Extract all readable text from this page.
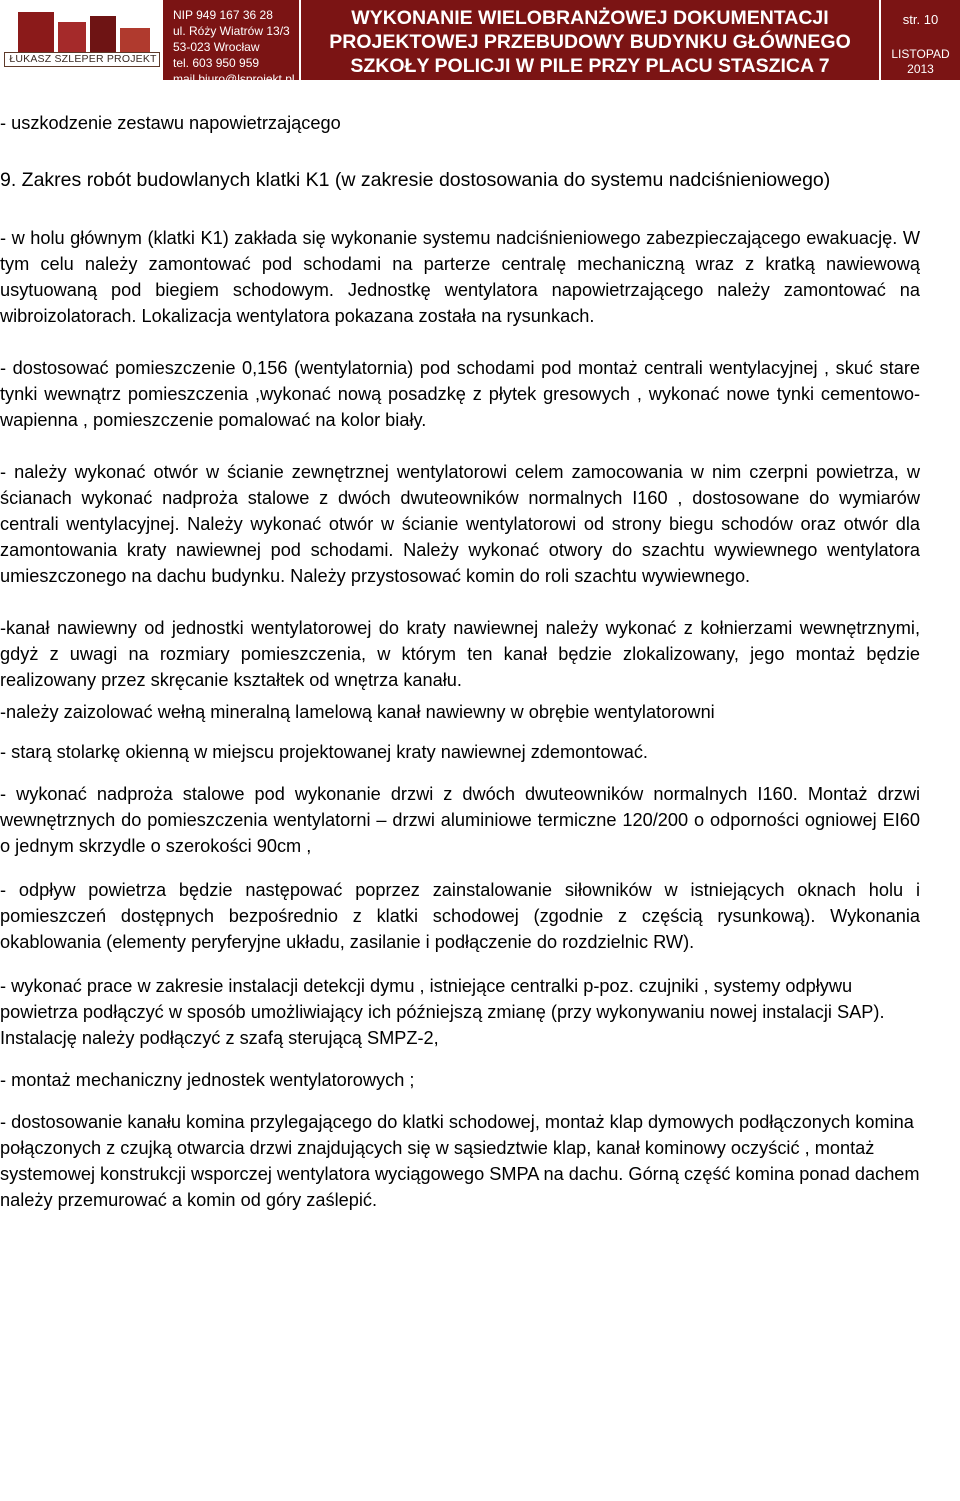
ŁUKASZ SZLEPER PROJEKT
NIP 949 167 36 28
ul. Róży Wiatrów 13/3
53-023 Wrocław
tel. 603 950 959
mail biuro@lsprojekt.pl
WYKONANIE WIELOBRANŻOWEJ DOKUMENTACJI
PROJEKTOWEJ PRZEBUDOWY BUDYNKU GŁÓWNEGO
SZKOŁY POLICJI W PILE PRZY PLACU STASZICA 7
str. 10
LISTOPAD
2013

- uszkodzenie zestawu napowietrzającego

9. Zakres robót budowlanych klatki K1 (w zakresie dostosowania do systemu nadciśnieniowego)

- w holu głównym (klatki K1) zakłada się wykonanie systemu nadciśnieniowego zabezpieczającego ewakuację. W tym celu należy zamontować pod schodami na parterze centralę mechaniczną wraz z kratką nawiewową usytuowaną pod biegiem schodowym. Jednostkę wentylatora napowietrzającego należy zamontować na wibroizolatorach. Lokalizacja wentylatora pokazana została na rysunkach.

- dostosować pomieszczenie 0,156 (wentylatornia) pod schodami pod montaż centrali wentylacyjnej , skuć stare tynki wewnątrz pomieszczenia ,wykonać nową posadzkę z płytek gresowych , wykonać nowe tynki cementowo-wapienna , pomieszczenie pomalować na kolor biały.

- należy wykonać otwór w ścianie zewnętrznej wentylatorowi celem zamocowania w nim czerpni powietrza, w ścianach wykonać nadproża stalowe z dwóch dwuteowników normalnych I160 , dostosowane do wymiarów centrali wentylacyjnej. Należy wykonać otwór w ścianie wentylatorowi od strony biegu schodów oraz otwór dla zamontowania kraty nawiewnej pod schodami. Należy wykonać otwory do szachtu wywiewnego wentylatora umieszczonego na dachu budynku. Należy przystosować komin do roli szachtu wywiewnego.

-kanał nawiewny od jednostki wentylatorowej do kraty nawiewnej należy wykonać z kołnierzami wewnętrznymi, gdyż z uwagi na rozmiary pomieszczenia, w którym ten kanał będzie zlokalizowany, jego montaż będzie realizowany przez skręcanie kształtek od wnętrza kanału.

-należy zaizolować wełną mineralną lamelową kanał nawiewny w obrębie wentylatorowni

- starą stolarkę okienną w miejscu projektowanej kraty nawiewnej zdemontować.

- wykonać nadproża stalowe pod wykonanie drzwi z dwóch dwuteowników normalnych I160. Montaż drzwi wewnętrznych do pomieszczenia wentylatorni – drzwi aluminiowe termiczne 120/200 o odporności ogniowej EI60 o jednym skrzydle o szerokości 90cm ,

- odpływ powietrza będzie następować poprzez zainstalowanie siłowników w istniejących oknach holu i pomieszczeń dostępnych bezpośrednio z klatki schodowej (zgodnie z częścią rysunkową). Wykonania okablowania (elementy peryferyjne układu, zasilanie i podłączenie do rozdzielnic RW).

- wykonać prace w zakresie instalacji detekcji dymu , istniejące centralki p-poz. czujniki , systemy odpływu powietrza podłączyć w sposób umożliwiający ich późniejszą zmianę (przy wykonywaniu nowej instalacji SAP). Instalację należy podłączyć z szafą sterującą SMPZ-2,

- montaż mechaniczny jednostek wentylatorowych ;

- dostosowanie kanału komina przylegającego do klatki schodowej, montaż klap dymowych podłączonych komina połączonych z czujką otwarcia drzwi znajdujących się w sąsiedztwie klap, kanał kominowy oczyścić , montaż systemowej konstrukcji wsporczej wentylatora wyciągowego SMPA na dachu. Górną część komina ponad dachem należy przemurować a komin od góry zaślepić.
